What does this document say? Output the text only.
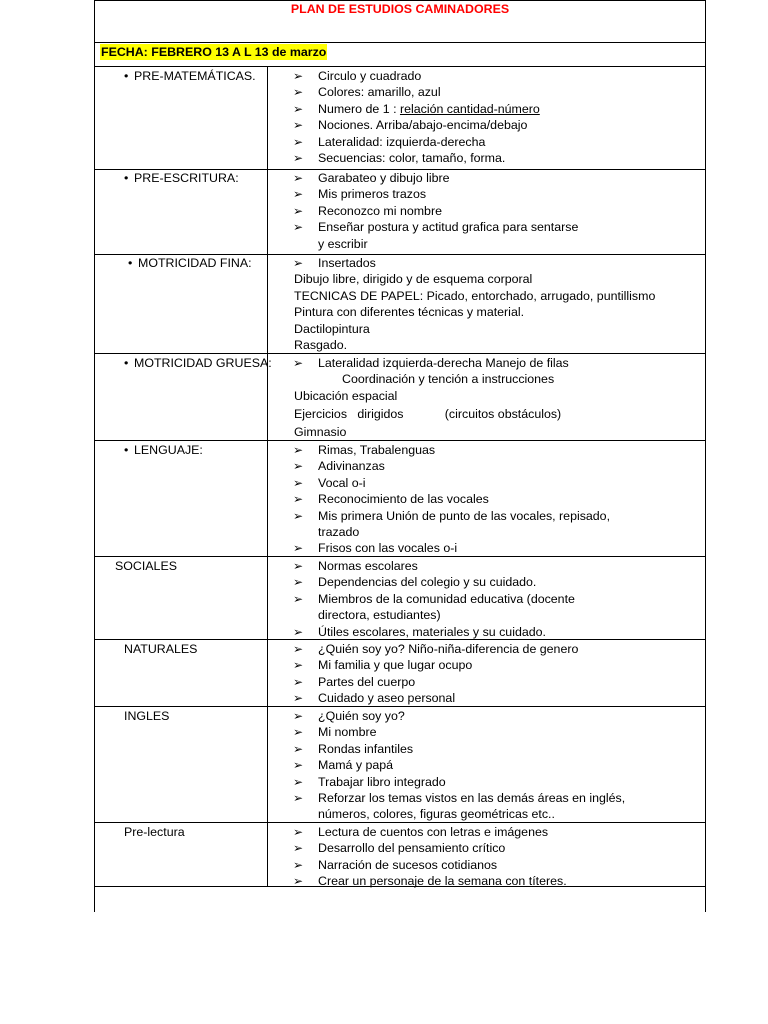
PLAN DE ESTUDIOS CAMINADORES
FECHA: FEBRERO 13 A L 13 de marzo
• PRE-MATEMÁTICAS.	➢ Circulo y cuadrado
➢ Colores: amarillo, azul
➢ Numero de 1 : relación cantidad-número
➢ Nociones. Arriba/abajo-encima/debajo
➢ Lateralidad: izquierda-derecha
➢ Secuencias: color, tamaño, forma.
• PRE-ESCRITURA:	➢ Garabateo y dibujo libre
➢ Mis primeros trazos
➢ Reconozco mi nombre
➢ Enseñar postura y actitud grafica para sentarse
y escribir
• MOTRICIDAD FINA:	➢ Insertados
Dibujo libre, dirigido y de esquema corporal
TECNICAS DE PAPEL: Picado, entorchado, arrugado, puntillismo
Pintura con diferentes técnicas y material.
Dactilopintura
Rasgado.
• MOTRICIDAD GRUESA: ➢ Lateralidad izquierda-derecha Manejo de filas
Coordinación y tención a instrucciones
Ubicación espacial
Ejercicios   dirigidos            (circuitos obstáculos)
Gimnasio
• LENGUAJE:	➢ Rimas, Trabalenguas
➢ Adivinanzas
➢ Vocal o-i
➢ Reconocimiento de las vocales
➢ Mis primera Unión de punto de las vocales, repisado,
trazado
➢ Frisos con las vocales o-i
SOCIALES	➢ Normas escolares
➢ Dependencias del colegio y su cuidado.
➢ Miembros de la comunidad educativa (docente
directora, estudiantes)
➢ Útiles escolares, materiales y su cuidado.
NATURALES	➢ ¿Quién soy yo? Niño-niña-diferencia de genero
➢ Mi familia y que lugar ocupo
➢ Partes del cuerpo
➢ Cuidado y aseo personal
INGLES	➢ ¿Quién soy yo?
➢ Mi nombre
➢ Rondas infantiles
➢ Mamá y papá
➢ Trabajar libro integrado
➢ Reforzar los temas vistos en las demás áreas en inglés,
números, colores, figuras geométricas etc..
Pre-lectura	➢ Lectura de cuentos con letras e imágenes
➢ Desarrollo del pensamiento crítico
➢ Narración de sucesos cotidianos
➢ Crear un personaje de la semana con títeres.
